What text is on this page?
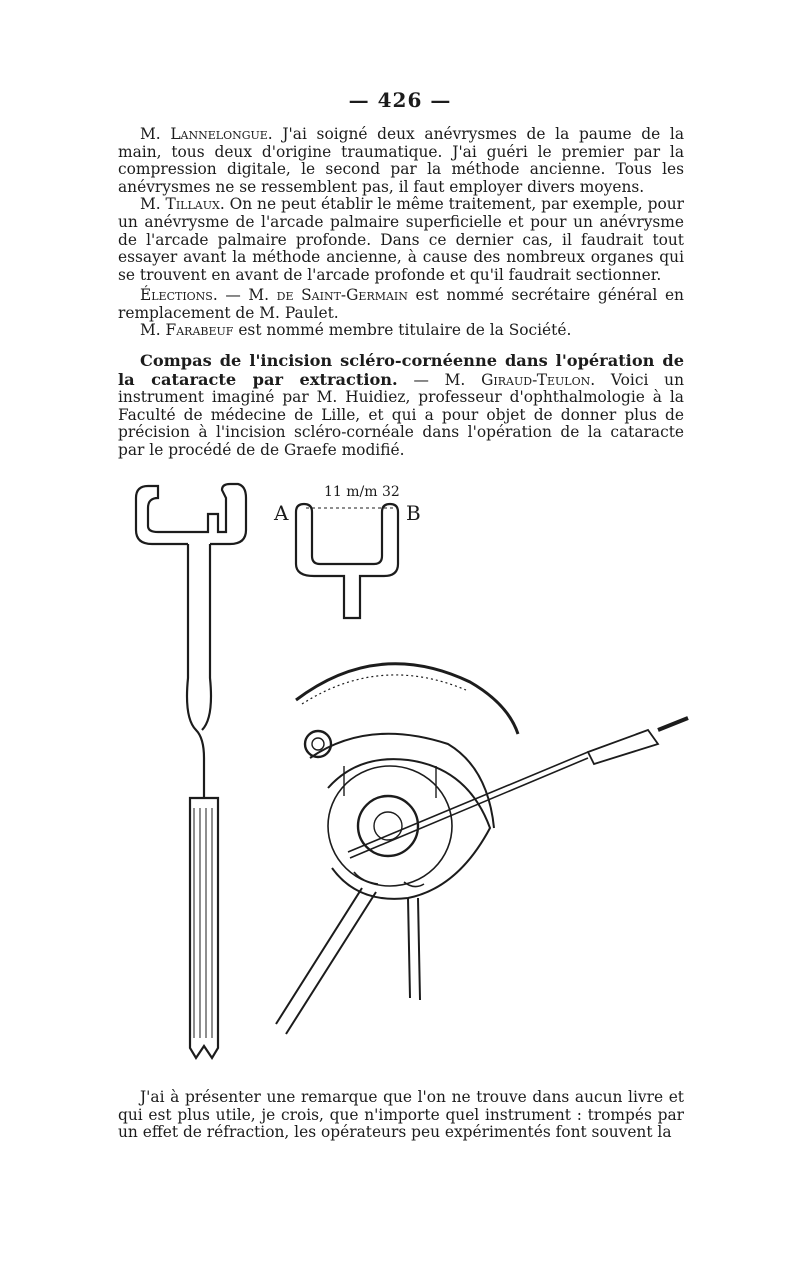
— 426 —

M. Lannelongue. J'ai soigné deux anévrysmes de la paume de la main, tous deux d'origine traumatique. J'ai guéri le premier par la compression digitale, le second par la méthode ancienne. Tous les anévrysmes ne se ressemblent pas, il faut employer divers moyens.

M. Tillaux. On ne peut établir le même traitement, par exemple, pour un anévrysme de l'arcade palmaire superficielle et pour un anévrysme de l'arcade palmaire profonde. Dans ce dernier cas, il faudrait tout essayer avant la méthode ancienne, à cause des nombreux organes qui se trouvent en avant de l'arcade profonde et qu'il faudrait sectionner.

Élections. — M. de Saint-Germain est nommé secrétaire général en remplacement de M. Paulet.

M. Farabeuf est nommé membre titulaire de la Société.

Compas de l'incision scléro-cornéenne dans l'opération de la cataracte par extraction. — M. Giraud-Teulon. Voici un instrument imaginé par M. Huidiez, professeur d'ophthalmologie à la Faculté de médecine de Lille, et qui a pour objet de donner plus de précision à l'incision scléro-cornéale dans l'opération de la cataracte par le procédé de de Graefe modifié.

11 m/m 32
A	B

J'ai à présenter une remarque que l'on ne trouve dans aucun livre et qui est plus utile, je crois, que n'importe quel instrument : trompés par un effet de réfraction, les opérateurs peu expérimentés font souvent la
